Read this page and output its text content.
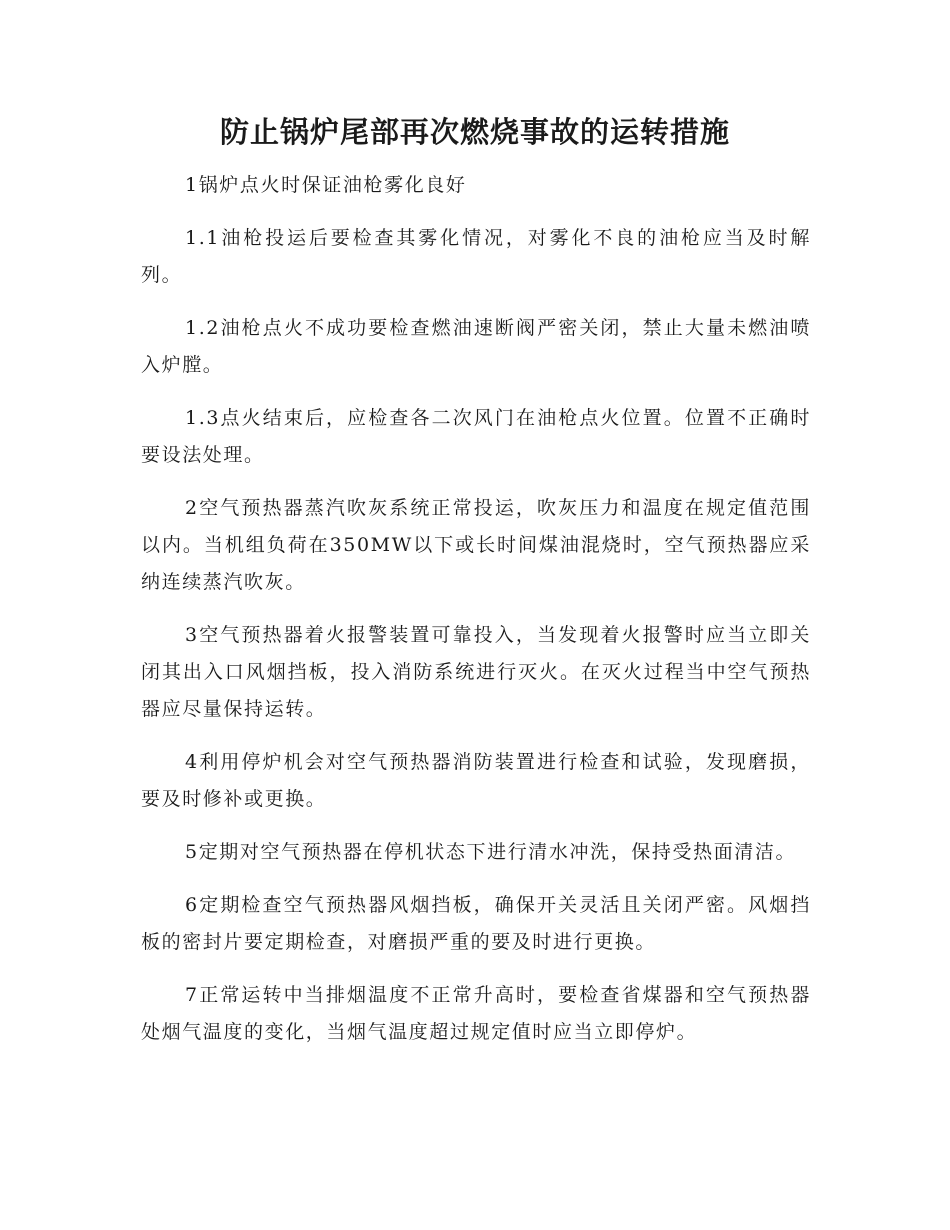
防止锅炉尾部再次燃烧事故的运转措施

1锅炉点火时保证油枪雾化良好

1.1油枪投运后要检查其雾化情况，对雾化不良的油枪应当及时解列。

1.2油枪点火不成功要检查燃油速断阀严密关闭，禁止大量未燃油喷入炉膛。

1.3点火结束后，应检查各二次风门在油枪点火位置。位置不正确时要设法处理。

2空气预热器蒸汽吹灰系统正常投运，吹灰压力和温度在规定值范围以内。当机组负荷在350MW以下或长时间煤油混烧时，空气预热器应采纳连续蒸汽吹灰。

3空气预热器着火报警装置可靠投入，当发现着火报警时应当立即关闭其出入口风烟挡板，投入消防系统进行灭火。在灭火过程当中空气预热器应尽量保持运转。

4利用停炉机会对空气预热器消防装置进行检查和试验，发现磨损，要及时修补或更换。

5定期对空气预热器在停机状态下进行清水冲洗，保持受热面清洁。

6定期检查空气预热器风烟挡板，确保开关灵活且关闭严密。风烟挡板的密封片要定期检查，对磨损严重的要及时进行更换。

7正常运转中当排烟温度不正常升高时，要检查省煤器和空气预热器处烟气温度的变化，当烟气温度超过规定值时应当立即停炉。
